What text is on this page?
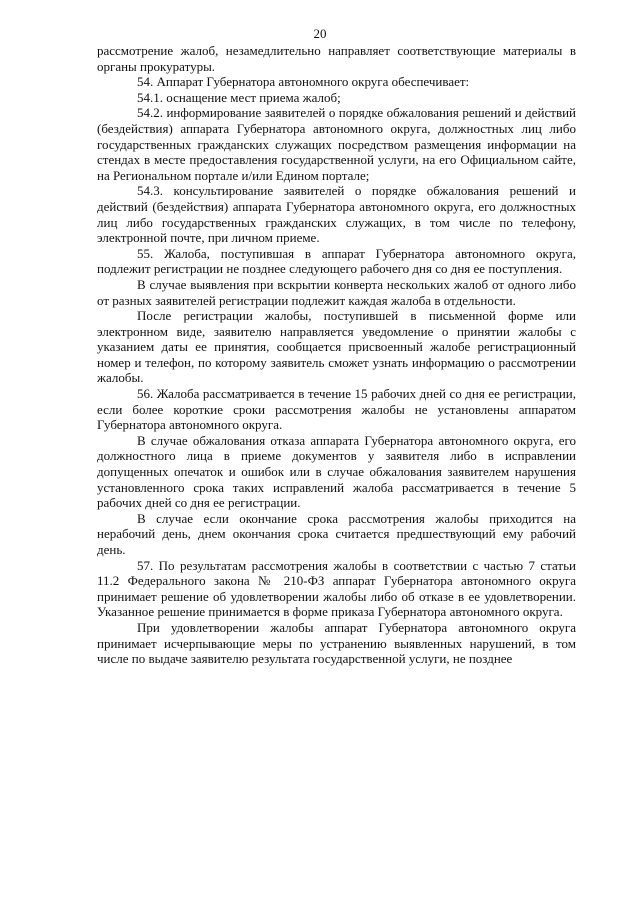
20

рассмотрение жалоб, незамедлительно направляет соответствующие материалы в органы прокуратуры.

54. Аппарат Губернатора автономного округа обеспечивает:

54.1. оснащение мест приема жалоб;

54.2. информирование заявителей о порядке обжалования решений и действий (бездействия) аппарата Губернатора автономного округа, должностных лиц либо государственных гражданских служащих посредством размещения информации на стендах в месте предоставления государственной услуги, на его Официальном сайте, на Региональном портале и/или Едином портале;

54.3. консультирование заявителей о порядке обжалования решений и действий (бездействия) аппарата Губернатора автономного округа, его должностных лиц либо государственных гражданских служащих, в том числе по телефону, электронной почте, при личном приеме.

55. Жалоба, поступившая в аппарат Губернатора автономного округа, подлежит регистрации не позднее следующего рабочего дня со дня ее поступления.

В случае выявления при вскрытии конверта нескольких жалоб от одного либо от разных заявителей регистрации подлежит каждая жалоба в отдельности.

После регистрации жалобы, поступившей в письменной форме или электронном виде, заявителю направляется уведомление о принятии жалобы с указанием даты ее принятия, сообщается присвоенный жалобе регистрационный номер и телефон, по которому заявитель сможет узнать информацию о рассмотрении жалобы.

56. Жалоба рассматривается в течение 15 рабочих дней со дня ее регистрации, если более короткие сроки рассмотрения жалобы не установлены аппаратом Губернатора автономного округа.

В случае обжалования отказа аппарата Губернатора автономного округа, его должностного лица в приеме документов у заявителя либо в исправлении допущенных опечаток и ошибок или в случае обжалования заявителем нарушения установленного срока таких исправлений жалоба рассматривается в течение 5 рабочих дней со дня ее регистрации.

В случае если окончание срока рассмотрения жалобы приходится на нерабочий день, днем окончания срока считается предшествующий ему рабочий день.

57. По результатам рассмотрения жалобы в соответствии с частью 7 статьи 11.2 Федерального закона № 210-ФЗ аппарат Губернатора автономного округа принимает решение об удовлетворении жалобы либо об отказе в ее удовлетворении. Указанное решение принимается в форме приказа Губернатора автономного округа.

При удовлетворении жалобы аппарат Губернатора автономного округа принимает исчерпывающие меры по устранению выявленных нарушений, в том числе по выдаче заявителю результата государственной услуги, не позднее
